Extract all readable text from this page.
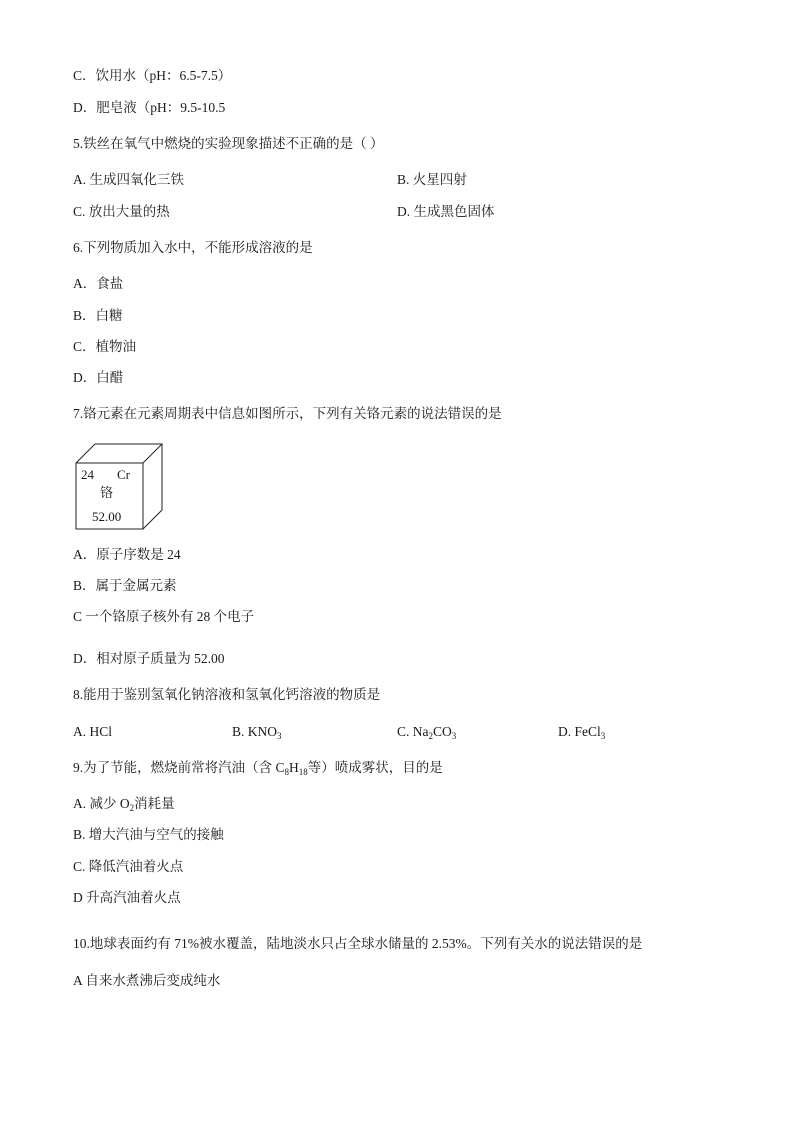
C．饮用水（pH：6.5-7.5）
D．肥皂液（pH：9.5-10.5
5.铁丝在氧气中燃烧的实验现象描述不正确的是（ ）
A. 生成四氧化三铁	B. 火星四射
C. 放出大量的热	D. 生成黑色固体
6.下列物质加入水中，不能形成溶液的是
A．食盐
B．白糖
C．植物油
D．白醋
7.铬元素在元素周期表中信息如图所示，下列有关铬元素的说法错误的是
24 Cr
铬
52.00
A．原子序数是 24
B．属于金属元素
C 一个铬原子核外有 28 个电子
D．相对原子质量为 52.00
8.能用于鉴别氢氧化钠溶液和氢氧化钙溶液的物质是
A. HCl	B. $KNO_3$	C. $Na_2CO_3$	D. FeCl$_3$
9.为了节能，燃烧前常将汽油（含 $C_8H_{18}$等）喷成雾状，目的是
A. 减少 $O_2$消耗量
B. 增大汽油与空气的接触
C. 降低汽油着火点
D 升高汽油着火点
10.地球表面约有 71%被水覆盖，陆地淡水只占全球水储量的 2.53%。下列有关水的说法错误的是
A 自来水煮沸后变成纯水
